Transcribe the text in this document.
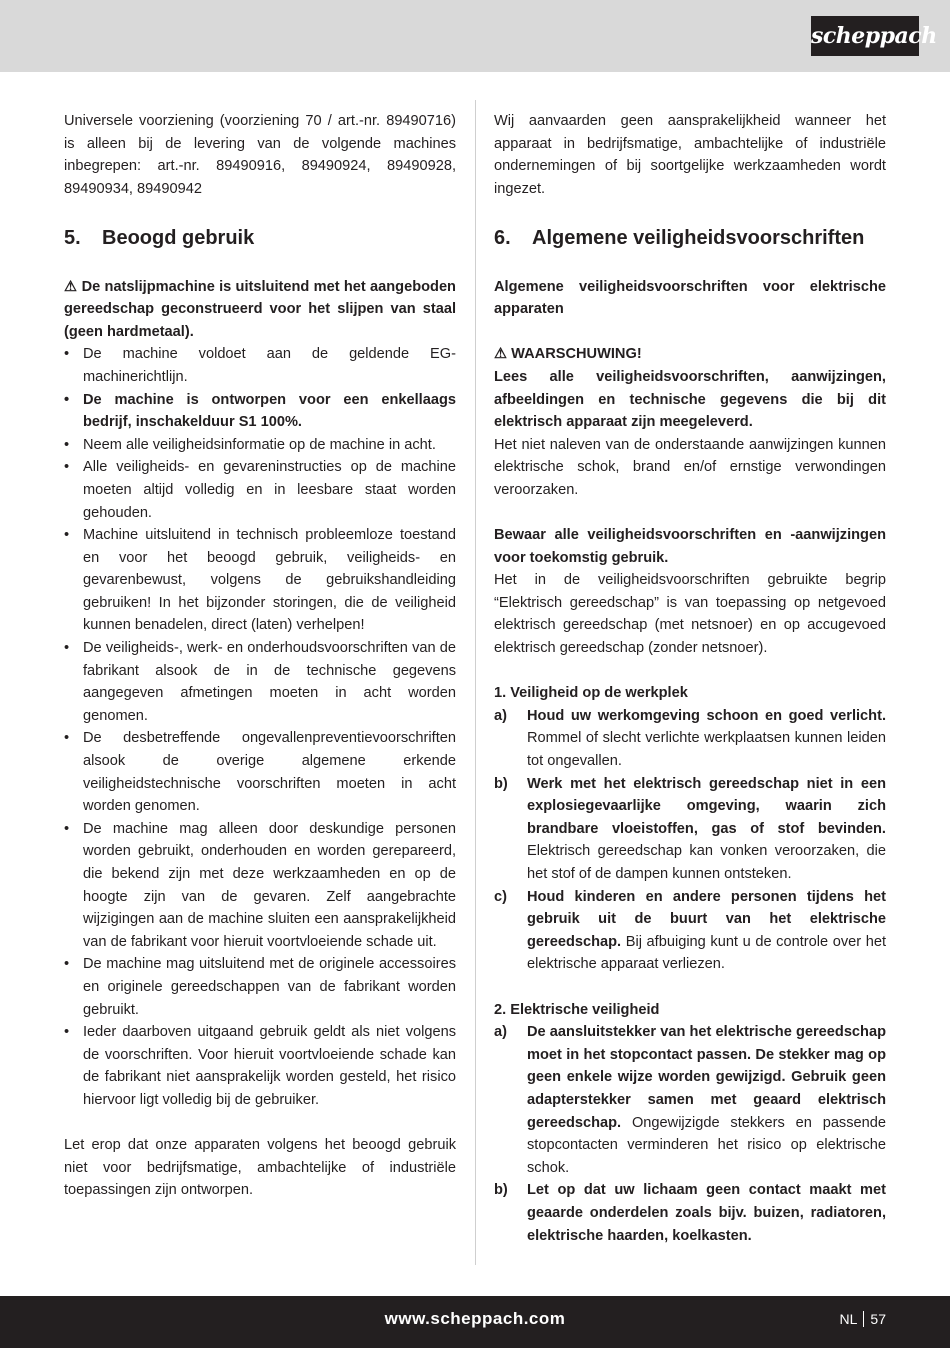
scheppach

Universele voorziening (voorziening 70 / art.-nr. 89490716) is alleen bij de levering van de volgende machines inbegrepen: art.-nr. 89490916, 89490924, 89490928, 89490934, 89490942

5. Beoogd gebruik

⚠ De natslijpmachine is uitsluitend met het aangeboden gereedschap geconstrueerd voor het slijpen van staal (geen hardmetaal).

• De machine voldoet aan de geldende EG-machinerichtlijn.
• De machine is ontworpen voor een enkellaags bedrijf, inschakelduur S1 100%.
• Neem alle veiligheidsinformatie op de machine in acht.
• Alle veiligheids- en gevareninstructies op de machine moeten altijd volledig en in leesbare staat worden gehouden.
• Machine uitsluitend in technisch probleemloze toestand en voor het beoogd gebruik, veiligheids- en gevarenbewust, volgens de gebruikshandleiding gebruiken! In het bijzonder storingen, die de veiligheid kunnen benadelen, direct (laten) verhelpen!
• De veiligheids-, werk- en onderhoudsvoorschriften van de fabrikant alsook de in de technische gegevens aangegeven afmetingen moeten in acht worden genomen.
• De desbetreffende ongevallenpreventievoorschriften alsook de overige algemene erkende veiligheidstechnische voorschriften moeten in acht worden genomen.
• De machine mag alleen door deskundige personen worden gebruikt, onderhouden en worden gerepareerd, die bekend zijn met deze werkzaamheden en op de hoogte zijn van de gevaren. Zelf aangebrachte wijzigingen aan de machine sluiten een aansprakelijkheid van de fabrikant voor hieruit voortvloeiende schade uit.
• De machine mag uitsluitend met de originele accessoires en originele gereedschappen van de fabrikant worden gebruikt.
• Ieder daarboven uitgaand gebruik geldt als niet volgens de voorschriften. Voor hieruit voortvloeiende schade kan de fabrikant niet aansprakelijk worden gesteld, het risico hiervoor ligt volledig bij de gebruiker.

Let erop dat onze apparaten volgens het beoogd gebruik niet voor bedrijfsmatige, ambachtelijke of industriële toepassingen zijn ontworpen.

Wij aanvaarden geen aansprakelijkheid wanneer het apparaat in bedrijfsmatige, ambachtelijke of industriële ondernemingen of bij soortgelijke werkzaamheden wordt ingezet.

6. Algemene veiligheidsvoorschriften

Algemene veiligheidsvoorschriften voor elektrische apparaten

⚠ WAARSCHUWING!

Lees alle veiligheidsvoorschriften, aanwijzingen, afbeeldingen en technische gegevens die bij dit elektrisch apparaat zijn meegeleverd.

Het niet naleven van de onderstaande aanwijzingen kunnen elektrische schok, brand en/of ernstige verwondingen veroorzaken.

Bewaar alle veiligheidsvoorschriften en -aanwijzingen voor toekomstig gebruik.

Het in de veiligheidsvoorschriften gebruikte begrip “Elektrisch gereedschap” is van toepassing op netgevoed elektrisch gereedschap (met netsnoer) en op accugevoed elektrisch gereedschap (zonder netsnoer).

1. Veiligheid op de werkplek

a) Houd uw werkomgeving schoon en goed verlicht. Rommel of slecht verlichte werkplaatsen kunnen leiden tot ongevallen.
b) Werk met het elektrisch gereedschap niet in een explosiegevaarlijke omgeving, waarin zich brandbare vloeistoffen, gas of stof bevinden. Elektrisch gereedschap kan vonken veroorzaken, die het stof of de dampen kunnen ontsteken.
c) Houd kinderen en andere personen tijdens het gebruik uit de buurt van het elektrische gereedschap. Bij afbuiging kunt u de controle over het elektrische apparaat verliezen.

2. Elektrische veiligheid

a) De aansluitstekker van het elektrische gereedschap moet in het stopcontact passen. De stekker mag op geen enkele wijze worden gewijzigd. Gebruik geen adapterstekker samen met geaard elektrisch gereedschap. Ongewijzigde stekkers en passende stopcontacten verminderen het risico op elektrische schok.
b) Let op dat uw lichaam geen contact maakt met geaarde onderdelen zoals bijv. buizen, radiatoren, elektrische haarden, koelkasten.
www.scheppach.com	NL 57
